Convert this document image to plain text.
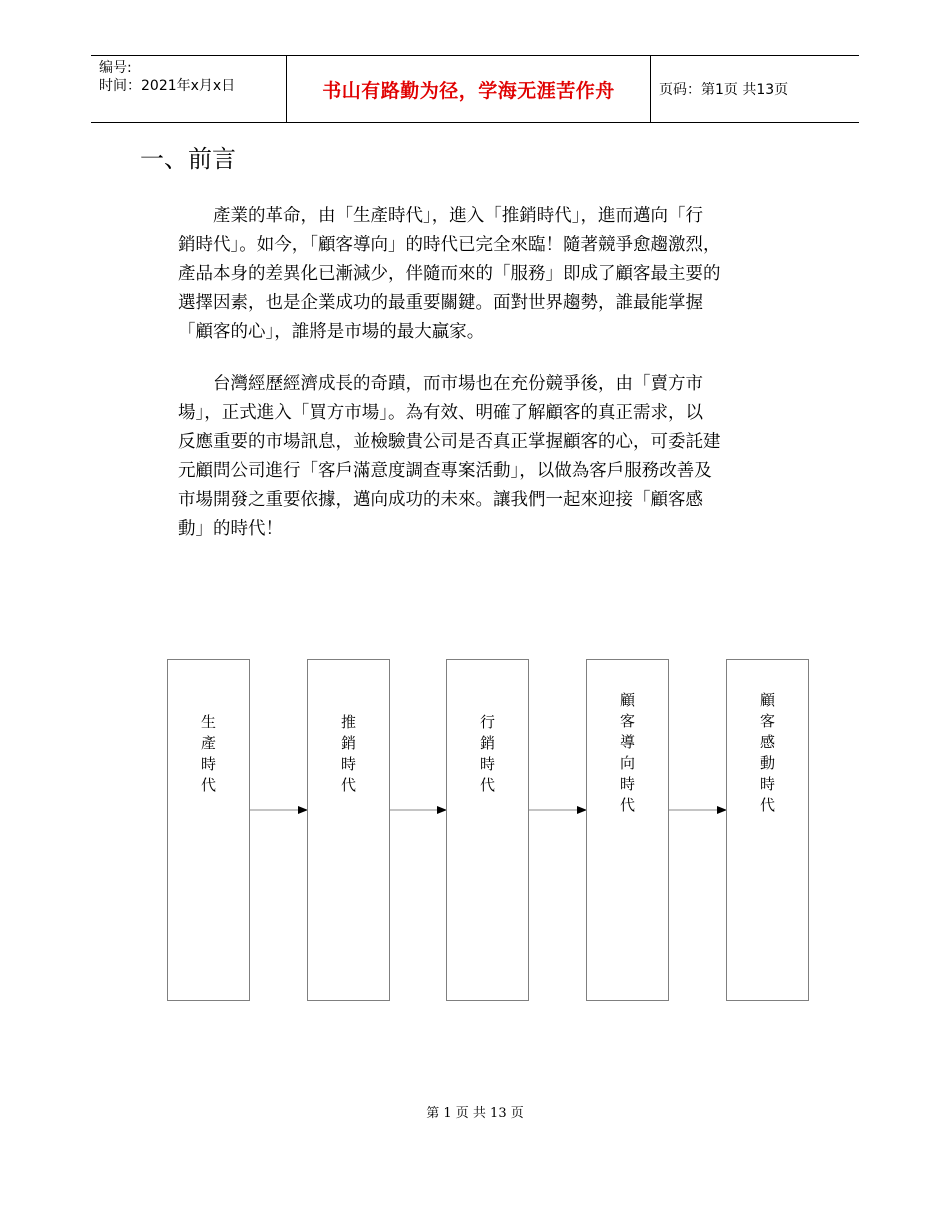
编号:
时间：2021年x月x日	书山有路勤为径，学海无涯苦作舟	页码：第1页 共13页
一、前言
　　產業的革命，由「生產時代」，進入「推銷時代」，進而邁向「行
銷時代」。如今，「顧客導向」的時代已完全來臨！隨著競爭愈趨激烈，
產品本身的差異化已漸減少，伴隨而來的「服務」即成了顧客最主要的
選擇因素，也是企業成功的最重要關鍵。面對世界趨勢，誰最能掌握
「顧客的心」，誰將是市場的最大贏家。
　　台灣經歷經濟成長的奇蹟，而市場也在充份競爭後，由「賣方市
場」，正式進入「買方市場」。為有效、明確了解顧客的真正需求，以
反應重要的市場訊息，並檢驗貴公司是否真正掌握顧客的心，可委託建
元顧問公司進行「客戶滿意度調查專案活動」，以做為客戶服務改善及
市場開發之重要依據，邁向成功的未來。讓我們一起來迎接「顧客感
動」的時代！
生
產
時
代
推
銷
時
代
行
銷
時
代
顧
客
導
向
時
代
顧
客
感
動
時
代
第 1 页 共 13 页
